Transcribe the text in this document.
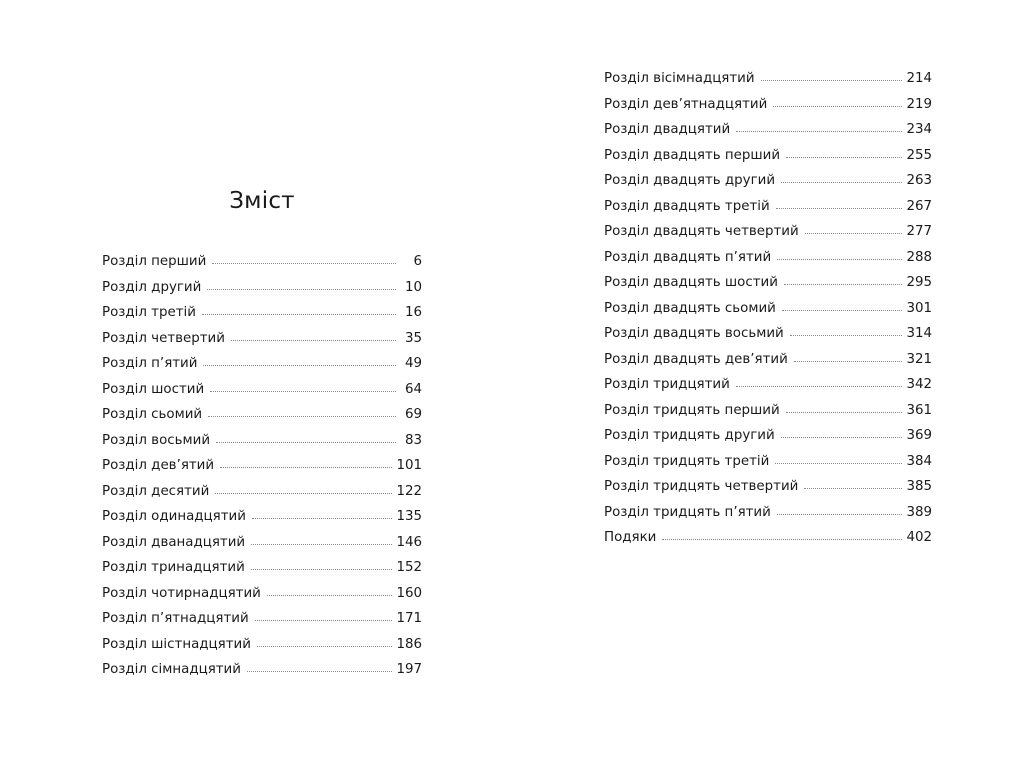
Зміст
Розділ перший	6
Розділ другий	10
Розділ третій	16
Розділ четвертий	35
Розділ п’ятий	49
Розділ шостий	64
Розділ сьомий	69
Розділ восьмий	83
Розділ дев’ятий	101
Розділ десятий	122
Розділ одинадцятий	135
Розділ дванадцятий	146
Розділ тринадцятий	152
Розділ чотирнадцятий	160
Розділ п’ятнадцятий	171
Розділ шістнадцятий	186
Розділ сімнадцятий	197
Розділ вісімнадцятий	214
Розділ дев’ятнадцятий	219
Розділ двадцятий	234
Розділ двадцять перший	255
Розділ двадцять другий	263
Розділ двадцять третій	267
Розділ двадцять четвертий	277
Розділ двадцять п’ятий	288
Розділ двадцять шостий	295
Розділ двадцять сьомий	301
Розділ двадцять восьмий	314
Розділ двадцять дев’ятий	321
Розділ тридцятий	342
Розділ тридцять перший	361
Розділ тридцять другий	369
Розділ тридцять третій	384
Розділ тридцять четвертий	385
Розділ тридцять п’ятий	389
Подяки	402
